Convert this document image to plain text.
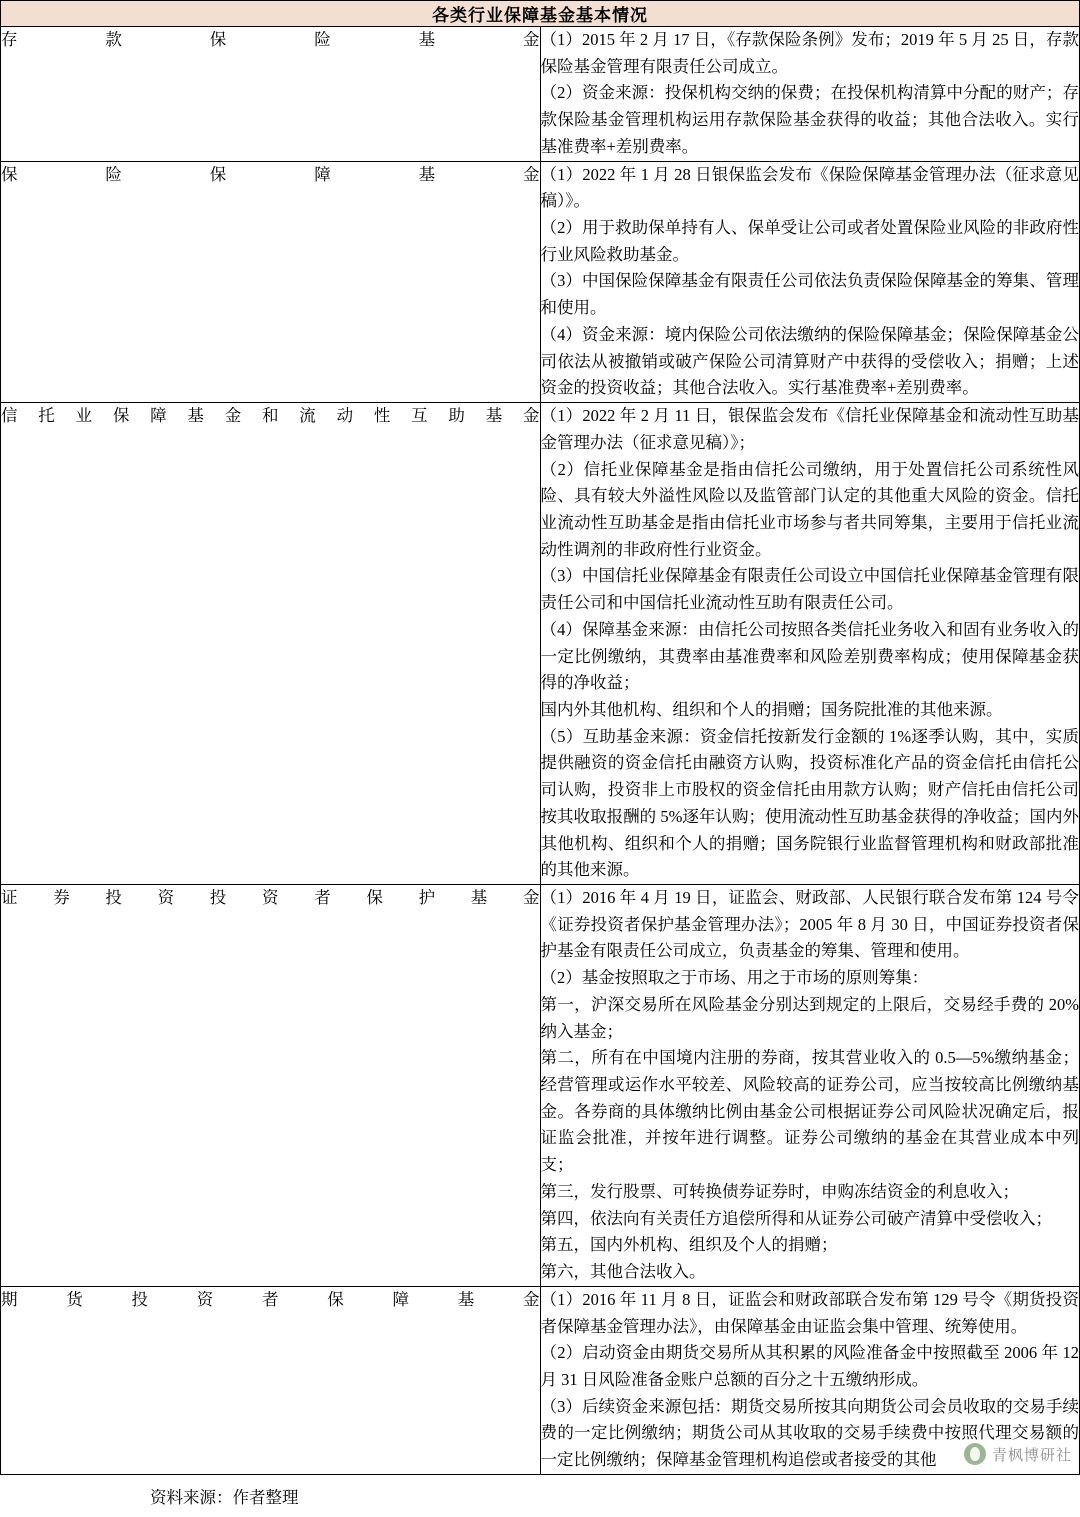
各类行业保障基金基本情况	

存款保险基金	（1）2015 年 2 月 17 日，《存款保险条例》发布；2019 年 5 月 25 日，存款保险基金管理有限责任公司成立。

（2）资金来源：投保机构交纳的保费；在投保机构清算中分配的财产；存款保险基金管理机构运用存款保险基金获得的收益；其他合法收入。实行基准费率+差别费率。

保险保障基金	（1）2022 年 1 月 28 日银保监会发布《保险保障基金管理办法（征求意见稿）》。

（2）用于救助保单持有人、保单受让公司或者处置保险业风险的非政府性行业风险救助基金。

（3）中国保险保障基金有限责任公司依法负责保险保障基金的筹集、管理和使用。

（4）资金来源：境内保险公司依法缴纳的保险保障基金；保险保障基金公司依法从被撤销或破产保险公司清算财产中获得的受偿收入；捐赠；上述资金的投资收益；其他合法收入。实行基准费率+差别费率。

信托业保障基金和流动性互助基金	（1）2022 年 2 月 11 日，银保监会发布《信托业保障基金和流动性互助基金管理办法（征求意见稿）》；

（2）信托业保障基金是指由信托公司缴纳，用于处置信托公司系统性风险、具有较大外溢性风险以及监管部门认定的其他重大风险的资金。信托业流动性互助基金是指由信托业市场参与者共同筹集，主要用于信托业流动性调剂的非政府性行业资金。

（3）中国信托业保障基金有限责任公司设立中国信托业保障基金管理有限责任公司和中国信托业流动性互助有限责任公司。

（4）保障基金来源：由信托公司按照各类信托业务收入和固有业务收入的一定比例缴纳，其费率由基准费率和风险差别费率构成；使用保障基金获得的净收益；

国内外其他机构、组织和个人的捐赠；国务院批准的其他来源。

（5）互助基金来源：资金信托按新发行金额的 1%逐季认购，其中，实质提供融资的资金信托由融资方认购，投资标准化产品的资金信托由信托公司认购，投资非上市股权的资金信托由用款方认购；财产信托由信托公司按其收取报酬的 5%逐年认购；使用流动性互助基金获得的净收益；国内外其他机构、组织和个人的捐赠；国务院银行业监督管理机构和财政部批准的其他来源。

证券投资投资者保护基金	（1）2016 年 4 月 19 日，证监会、财政部、人民银行联合发布第 124 号令《证券投资者保护基金管理办法》；2005 年 8 月 30 日，中国证券投资者保护基金有限责任公司成立，负责基金的筹集、管理和使用。

（2）基金按照取之于市场、用之于市场的原则筹集：

第一，沪深交易所在风险基金分别达到规定的上限后，交易经手费的 20%纳入基金；

第二，所有在中国境内注册的券商，按其营业收入的 0.5—5%缴纳基金；经营管理或运作水平较差、风险较高的证券公司，应当按较高比例缴纳基金。各券商的具体缴纳比例由基金公司根据证券公司风险状况确定后，报证监会批准，并按年进行调整。证券公司缴纳的基金在其营业成本中列支；

第三，发行股票、可转换债券证券时，申购冻结资金的利息收入；

第四，依法向有关责任方追偿所得和从证券公司破产清算中受偿收入；

第五，国内外机构、组织及个人的捐赠；

第六，其他合法收入。

期货投资者保障基金	（1）2016 年 11 月 8 日，证监会和财政部联合发布第 129 号令《期货投资者保障基金管理办法》，由保障基金由证监会集中管理、统筹使用。

（2）启动资金由期货交易所从其积累的风险准备金中按照截至 2006 年 12 月 31 日风险准备金账户总额的百分之十五缴纳形成。

（3）后续资金来源包括：期货交易所按其向期货公司会员收取的交易手续费的一定比例缴纳；期货公司从其收取的交易手续费中按照代理交易额的一定比例缴纳；保障基金管理机构追偿或者接受的其他

资料来源：作者整理
青枫博研社
